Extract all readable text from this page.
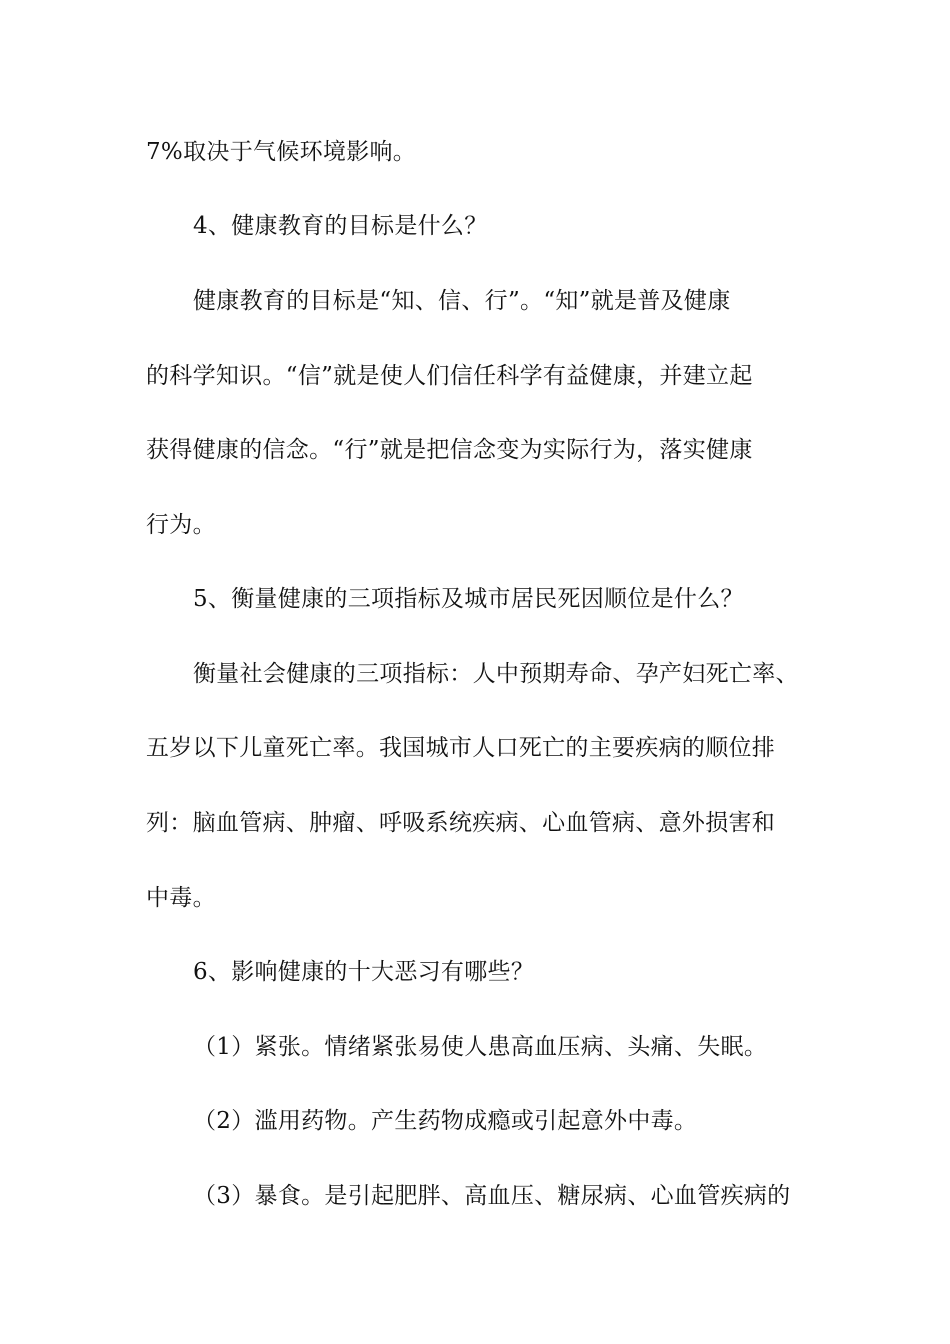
7%取决于气候环境影响。
4、健康教育的目标是什么？
健康教育的目标是“知、信、行”。“知”就是普及健康
的科学知识。“信”就是使人们信任科学有益健康，并建立起
获得健康的信念。“行”就是把信念变为实际行为，落实健康
行为。
5、衡量健康的三项指标及城市居民死因顺位是什么？
衡量社会健康的三项指标：人中预期寿命、孕产妇死亡率、
五岁以下儿童死亡率。我国城市人口死亡的主要疾病的顺位排
列：脑血管病、肿瘤、呼吸系统疾病、心血管病、意外损害和
中毒。
6、影响健康的十大恶习有哪些？
（1）紧张。情绪紧张易使人患高血压病、头痛、失眠。
（2）滥用药物。产生药物成瘾或引起意外中毒。
（3）暴食。是引起肥胖、高血压、糖尿病、心血管疾病的
